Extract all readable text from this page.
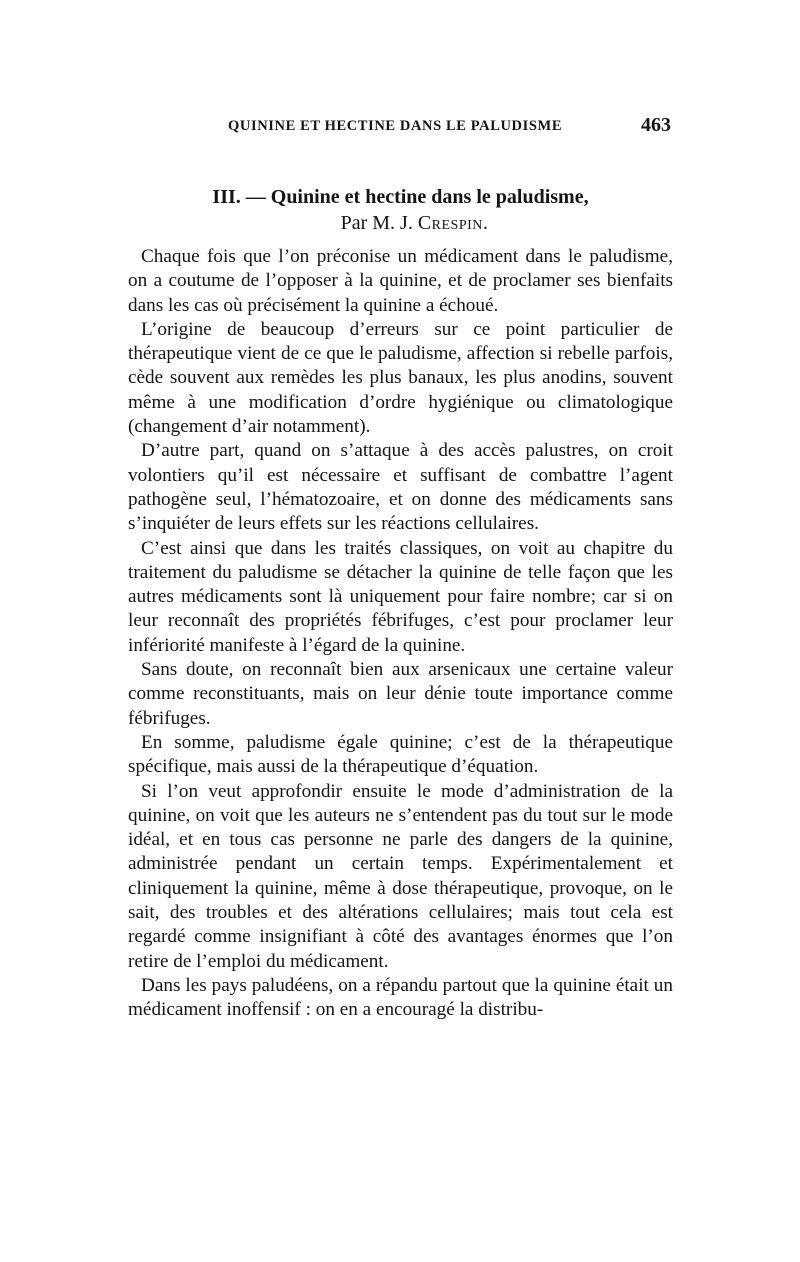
QUININE ET HECTINE DANS LE PALUDISME	463
III. — Quinine et hectine dans le paludisme,
Par M. J. Crespin.

Chaque fois que l’on préconise un médicament dans le paludisme, on a coutume de l’opposer à la quinine, et de proclamer ses bienfaits dans les cas où précisément la quinine a échoué.

L’origine de beaucoup d’erreurs sur ce point particulier de thérapeutique vient de ce que le paludisme, affection si rebelle parfois, cède souvent aux remèdes les plus banaux, les plus anodins, souvent même à une modification d’ordre hygiénique ou climatologique (changement d’air notamment).

D’autre part, quand on s’attaque à des accès palustres, on croit volontiers qu’il est nécessaire et suffisant de combattre l’agent pathogène seul, l’hématozoaire, et on donne des médicaments sans s’inquiéter de leurs effets sur les réactions cellulaires.

C’est ainsi que dans les traités classiques, on voit au chapitre du traitement du paludisme se détacher la quinine de telle façon que les autres médicaments sont là uniquement pour faire nombre; car si on leur reconnaît des propriétés fébrifuges, c’est pour proclamer leur infériorité manifeste à l’égard de la quinine.

Sans doute, on reconnaît bien aux arsenicaux une certaine valeur comme reconstituants, mais on leur dénie toute importance comme fébrifuges.

En somme, paludisme égale quinine; c’est de la thérapeutique spécifique, mais aussi de la thérapeutique d’équation.

Si l’on veut approfondir ensuite le mode d’administration de la quinine, on voit que les auteurs ne s’entendent pas du tout sur le mode idéal, et en tous cas personne ne parle des dangers de la quinine, administrée pendant un certain temps. Expérimentalement et cliniquement la quinine, même à dose thérapeutique, provoque, on le sait, des troubles et des altérations cellulaires; mais tout cela est regardé comme insignifiant à côté des avantages énormes que l’on retire de l’emploi du médicament.

Dans les pays paludéens, on a répandu partout que la quinine était un médicament inoffensif : on en a encouragé la distribu-
